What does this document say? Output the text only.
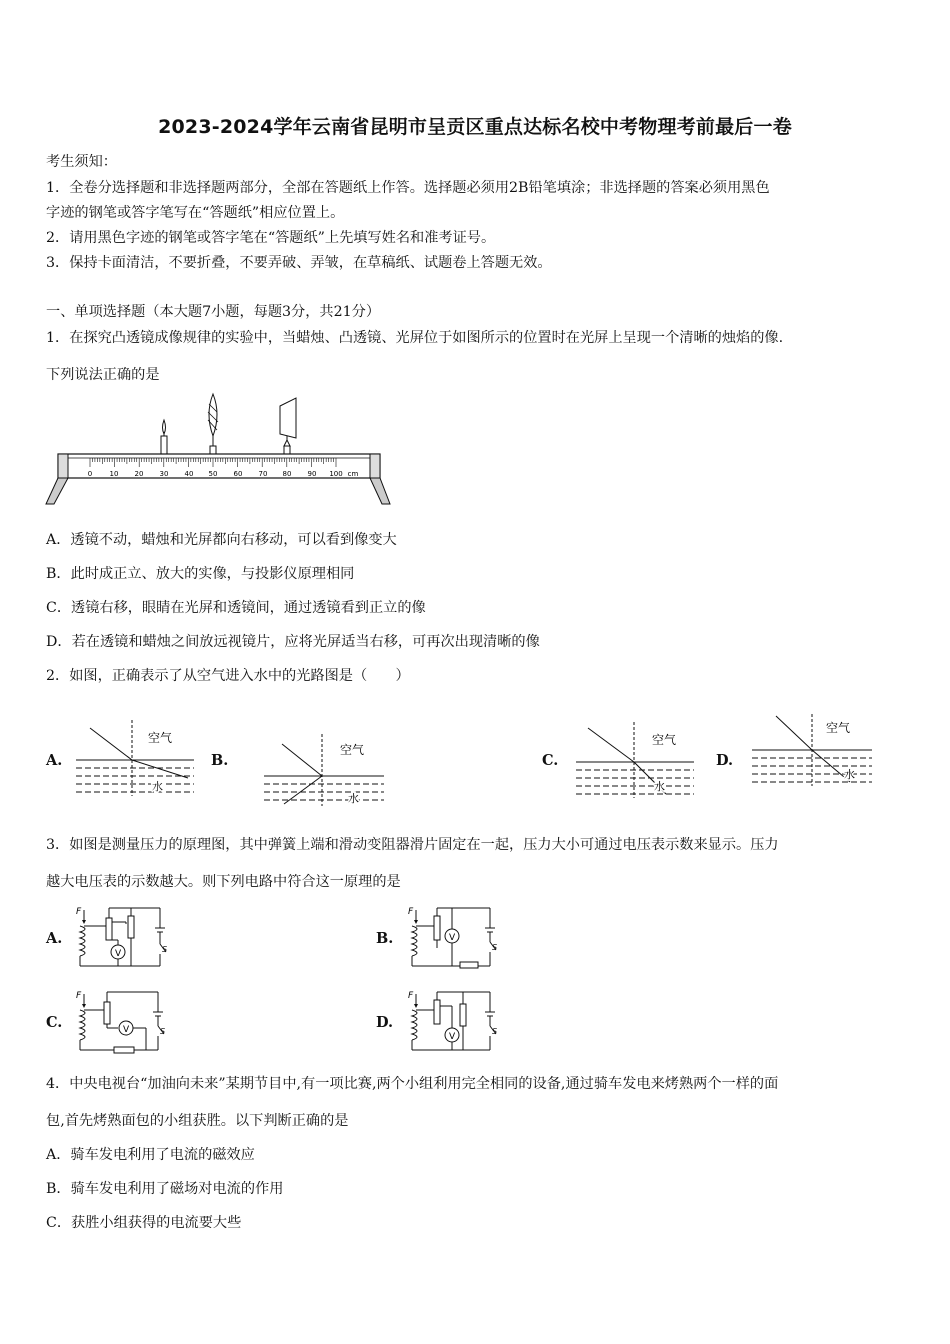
2023-2024学年云南省昆明市呈贡区重点达标名校中考物理考前最后一卷
考生须知：
1．全卷分选择题和非选择题两部分，全部在答题纸上作答。选择题必须用2B铅笔填涂；非选择题的答案必须用黑色
字迹的钢笔或答字笔写在“答题纸”相应位置上。
2．请用黑色字迹的钢笔或答字笔在“答题纸”上先填写姓名和准考证号。
3．保持卡面清洁，不要折叠，不要弄破、弄皱，在草稿纸、试题卷上答题无效。
一、单项选择题（本大题7小题，每题3分，共21分）
1．在探究凸透镜成像规律的实验中，当蜡烛、凸透镜、光屏位于如图所示的位置时在光屏上呈现一个清晰的烛焰的像.
下列说法正确的是
0 10 20 30 40 50 60 70 80 90 100 cm
A．透镜不动，蜡烛和光屏都向右移动，可以看到像变大
B．此时成正立、放大的实像，与投影仪原理相同
C．透镜右移，眼睛在光屏和透镜间，通过透镜看到正立的像
D．若在透镜和蜡烛之间放远视镜片，应将光屏适当右移，可再次出现清晰的像
2．如图，正确表示了从空气进入水中的光路图是（　　）
A.
空气
水
B.
空气
水
C.
空气
水
D.
空气
水
3．如图是测量压力的原理图，其中弹簧上端和滑动变阻器滑片固定在一起，压力大小可通过电压表示数来显示。压力
越大电压表的示数越大。则下列电路中符合这一原理的是
A.
F
V	S
B.
F
V
S
C.
F
V	S
D.
F
V
S
4．中央电视台“加油向未来”某期节目中,有一项比赛,两个小组利用完全相同的设备,通过骑车发电来烤熟两个一样的面
包,首先烤熟面包的小组获胜。以下判断正确的是
A．骑车发电利用了电流的磁效应
B．骑车发电利用了磁场对电流的作用
C．获胜小组获得的电流要大些
